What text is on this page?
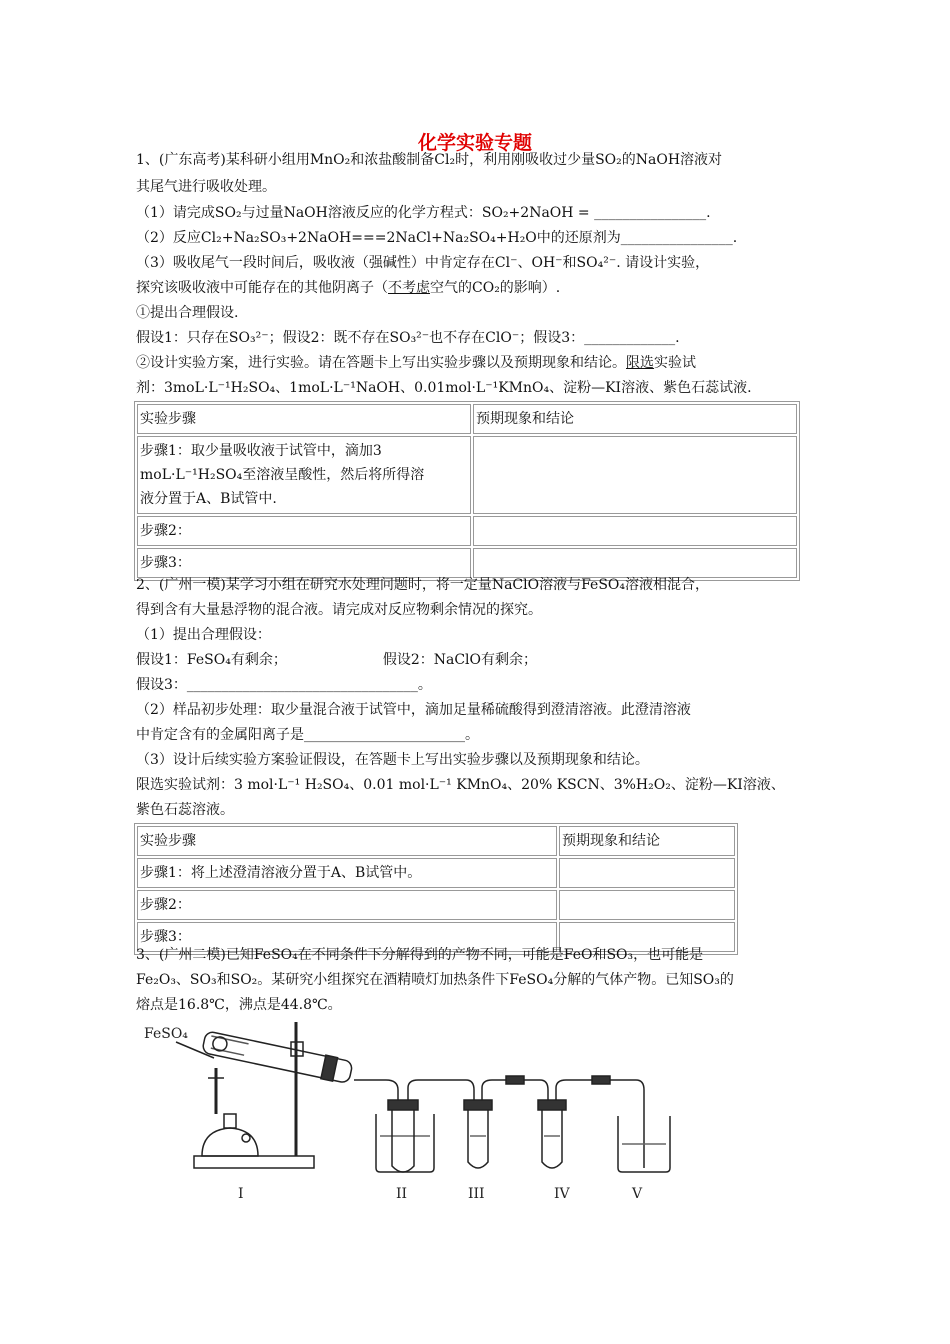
化学实验专题
1、(广东高考)某科研小组用MnO₂和浓盐酸制备Cl₂时，利用刚吸收过少量SO₂的NaOH溶液对
其尾气进行吸收处理。
（1）请完成SO₂与过量NaOH溶液反应的化学方程式：SO₂+2NaOH = ________________.
（2）反应Cl₂+Na₂SO₃+2NaOH===2NaCl+Na₂SO₄+H₂O中的还原剂为________________.
（3）吸收尾气一段时间后，吸收液（强碱性）中肯定存在Cl⁻、OH⁻和SO₄²⁻. 请设计实验，
探究该吸收液中可能存在的其他阴离子（不考虑空气的CO₂的影响）.
①提出合理假设.
假设1：只存在SO₃²⁻；假设2：既不存在SO₃²⁻也不存在ClO⁻；假设3：_____________.
②设计实验方案，进行实验。请在答题卡上写出实验步骤以及预期现象和结论。限选实验试
剂：3moL·L⁻¹H₂SO₄、1moL·L⁻¹NaOH、0.01mol·L⁻¹KMnO₄、淀粉—KI溶液、紫色石蕊试液.
实验步骤	预期现象和结论

步骤1：取少量吸收液于试管中，滴加3
moL·L⁻¹H₂SO₄至溶液呈酸性，然后将所得溶
液分置于A、B试管中.	

步骤2：	
步骤3：	
2、(广州一模)某学习小组在研究水处理问题时，将一定量NaClO溶液与FeSO₄溶液相混合，
得到含有大量悬浮物的混合液。请完成对反应物剩余情况的探究。
（1）提出合理假设：
假设1：FeSO₄有剩余；	假设2：NaClO有剩余；
假设3：_________________________________。
（2）样品初步处理：取少量混合液于试管中，滴加足量稀硫酸得到澄清溶液。此澄清溶液
中肯定含有的金属阳离子是_______________________。
（3）设计后续实验方案验证假设，在答题卡上写出实验步骤以及预期现象和结论。
限选实验试剂：3 mol·L⁻¹ H₂SO₄、0.01 mol·L⁻¹ KMnO₄、20% KSCN、3%H₂O₂、淀粉—KI溶液、
紫色石蕊溶液。
实验步骤	预期现象和结论
步骤1：将上述澄清溶液分置于A、B试管中。	
步骤2：	
步骤3：	
3、(广州二模)已知FeSO₄在不同条件下分解得到的产物不同，可能是FeO和SO₃，也可能是
Fe₂O₃、SO₃和SO₂。某研究小组探究在酒精喷灯加热条件下FeSO₄分解的气体产物。已知SO₃的
熔点是16.8℃，沸点是44.8℃。
FeSO₄
I	II	III	IV	V
